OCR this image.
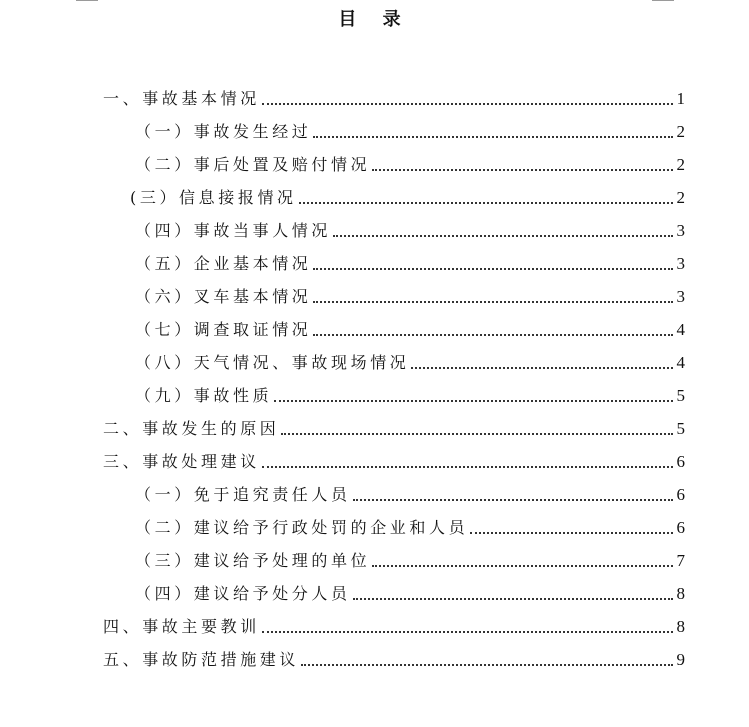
目 录
一、事故基本情况	1
（一）事故发生经过	2
（二）事后处置及赔付情况	2
(三）信息接报情况	2
（四）事故当事人情况	3
（五）企业基本情况	3
（六）叉车基本情况	3
（七）调查取证情况	4
（八）天气情况、事故现场情况	4
（九）事故性质	5
二、事故发生的原因	5
三、事故处理建议	6
（一）免于追究责任人员	6
（二）建议给予行政处罚的企业和人员	6
（三）建议给予处理的单位	7
（四）建议给予处分人员	8
四、事故主要教训	8
五、事故防范措施建议	9
